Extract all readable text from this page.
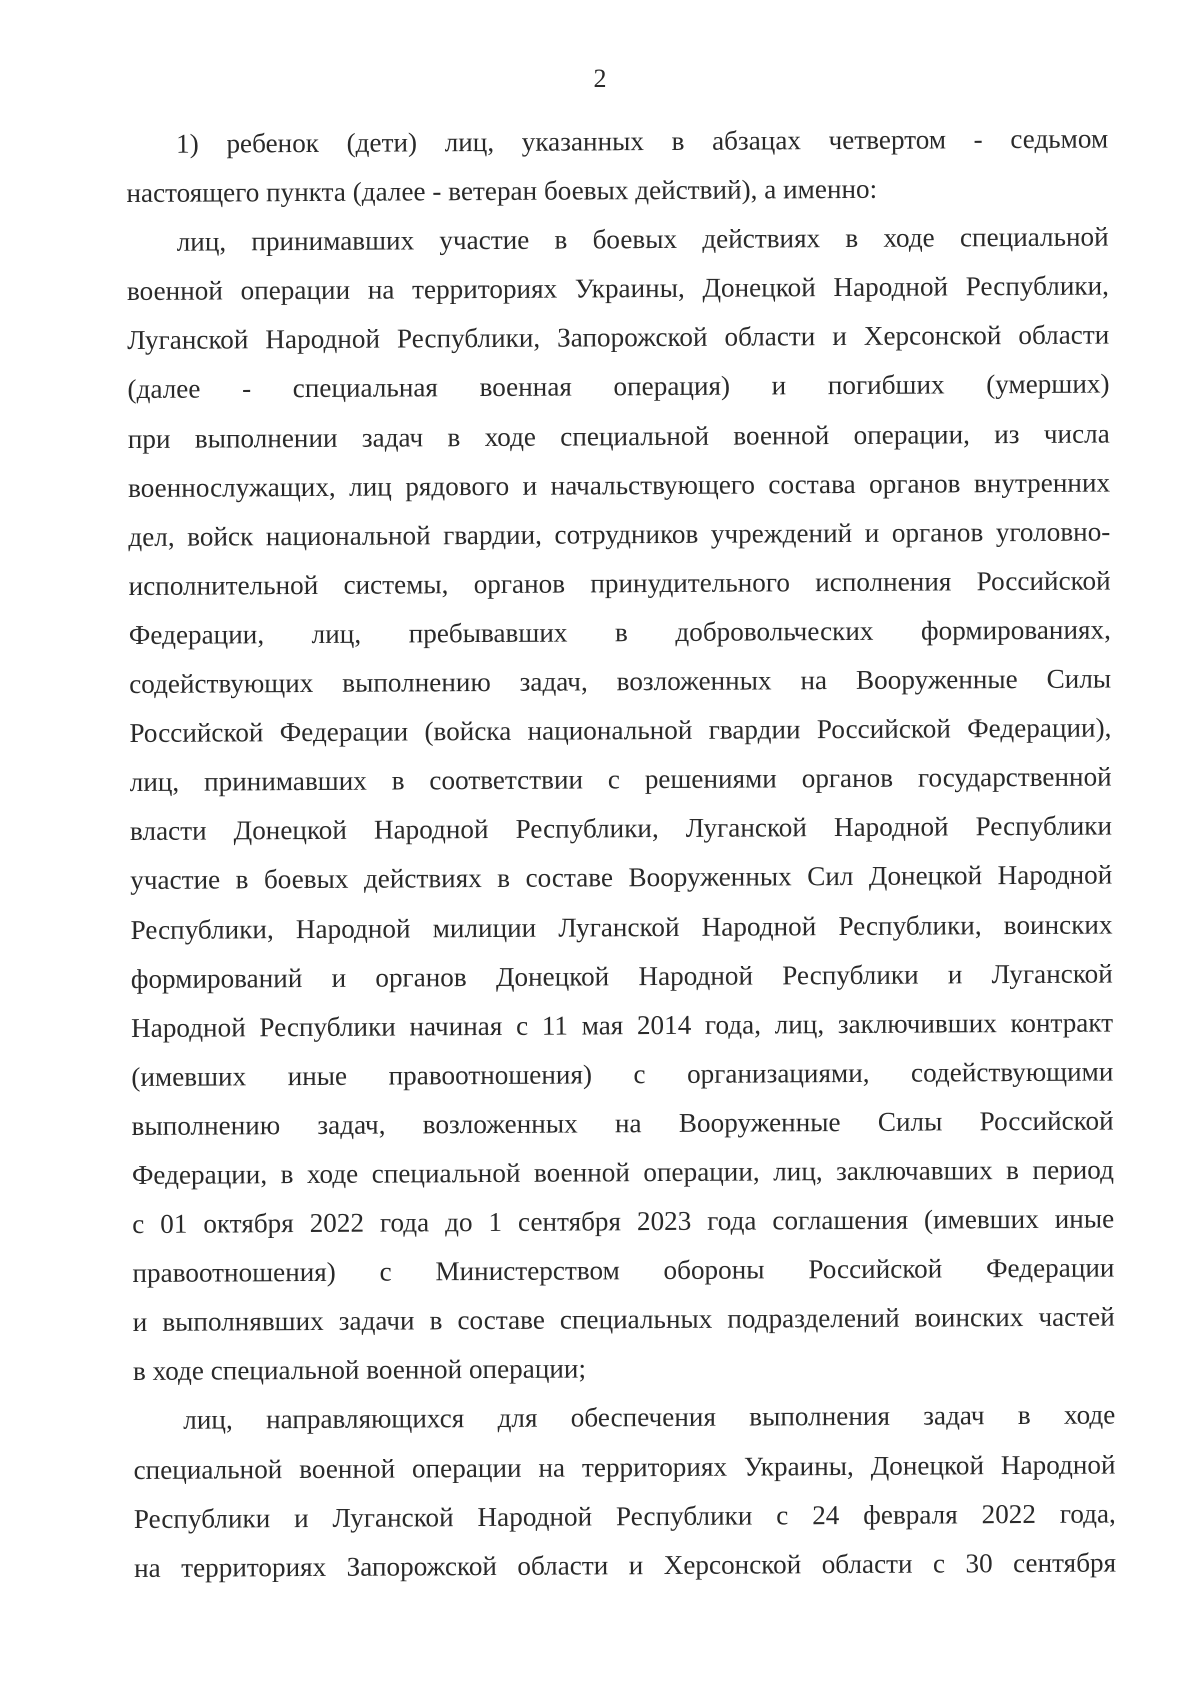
2
1) ребенок (дети) лиц, указанных в абзацах четвертом - седьмом
настоящего пункта (далее - ветеран боевых действий), а именно:
лиц, принимавших участие в боевых действиях в ходе специальной
военной операции на территориях Украины, Донецкой Народной Республики,
Луганской Народной Республики, Запорожской области и Херсонской области
(далее - специальная военная операция) и погибших (умерших)
при выполнении задач в ходе специальной военной операции, из числа
военнослужащих, лиц рядового и начальствующего состава органов внутренних
дел, войск национальной гвардии, сотрудников учреждений и органов уголовно-
исполнительной системы, органов принудительного исполнения Российской
Федерации, лиц, пребывавших в добровольческих формированиях,
содействующих выполнению задач, возложенных на Вооруженные Силы
Российской Федерации (войска национальной гвардии Российской Федерации),
лиц, принимавших в соответствии с решениями органов государственной
власти Донецкой Народной Республики, Луганской Народной Республики
участие в боевых действиях в составе Вооруженных Сил Донецкой Народной
Республики, Народной милиции Луганской Народной Республики, воинских
формирований и органов Донецкой Народной Республики и Луганской
Народной Республики начиная с 11 мая 2014 года, лиц, заключивших контракт
(имевших иные правоотношения) с организациями, содействующими
выполнению задач, возложенных на Вооруженные Силы Российской
Федерации, в ходе специальной военной операции, лиц, заключавших в период
с 01 октября 2022 года до 1 сентября 2023 года соглашения (имевших иные
правоотношения) с Министерством обороны Российской Федерации
и выполнявших задачи в составе специальных подразделений воинских частей
в ходе специальной военной операции;
лиц, направляющихся для обеспечения выполнения задач в ходе
специальной военной операции на территориях Украины, Донецкой Народной
Республики и Луганской Народной Республики с 24 февраля 2022 года,
на территориях Запорожской области и Херсонской области с 30 сентября
